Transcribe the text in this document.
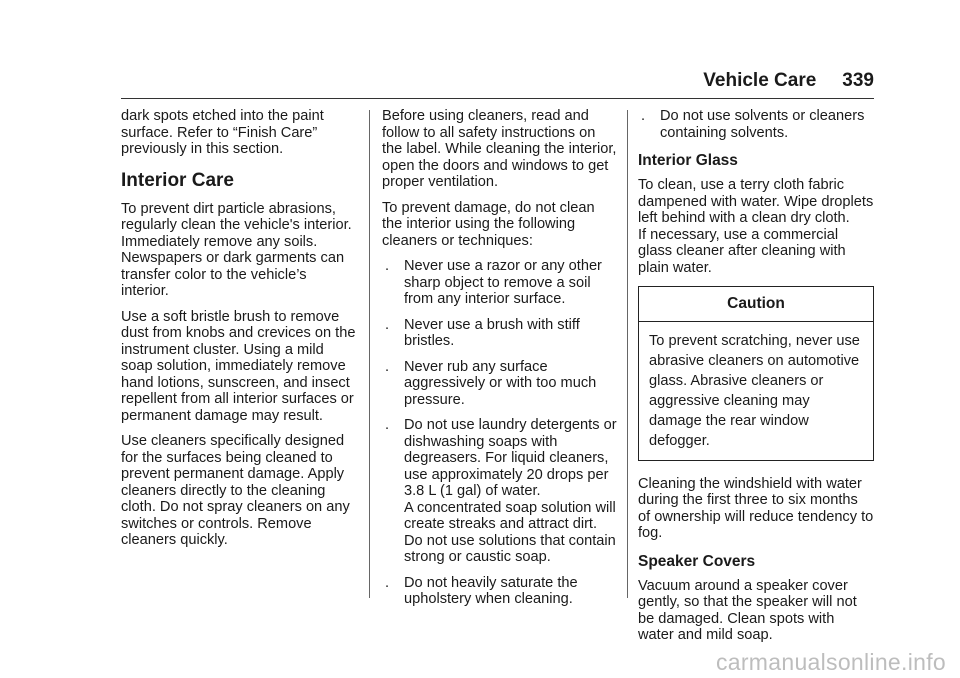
Vehicle Care 339

dark spots etched into the paint surface. Refer to “Finish Care” previously in this section.

Interior Care

To prevent dirt particle abrasions, regularly clean the vehicle's interior. Immediately remove any soils. Newspapers or dark garments can transfer color to the vehicle’s interior.

Use a soft bristle brush to remove dust from knobs and crevices on the instrument cluster. Using a mild soap solution, immediately remove hand lotions, sunscreen, and insect repellent from all interior surfaces or permanent damage may result.

Use cleaners specifically designed for the surfaces being cleaned to prevent permanent damage. Apply cleaners directly to the cleaning cloth. Do not spray cleaners on any switches or controls. Remove cleaners quickly.

Before using cleaners, read and follow to all safety instructions on the label. While cleaning the interior, open the doors and windows to get proper ventilation.

To prevent damage, do not clean the interior using the following cleaners or techniques:

. Never use a razor or any other sharp object to remove a soil from any interior surface.
. Never use a brush with stiff bristles.
. Never rub any surface aggressively or with too much pressure.
. Do not use laundry detergents or dishwashing soaps with degreasers. For liquid cleaners, use approximately 20 drops per 3.8 L (1 gal) of water.
A concentrated soap solution will create streaks and attract dirt. Do not use solutions that contain strong or caustic soap.
. Do not heavily saturate the upholstery when cleaning.
. Do not use solvents or cleaners containing solvents.
Interior Glass

To clean, use a terry cloth fabric dampened with water. Wipe droplets left behind with a clean dry cloth.
If necessary, use a commercial glass cleaner after cleaning with plain water.

Caution
To prevent scratching, never use abrasive cleaners on automotive glass. Abrasive cleaners or aggressive cleaning may damage the rear window defogger.

Cleaning the windshield with water during the first three to six months of ownership will reduce tendency to fog.

Speaker Covers

Vacuum around a speaker cover gently, so that the speaker will not be damaged. Clean spots with water and mild soap.

carmanualsonline.info
